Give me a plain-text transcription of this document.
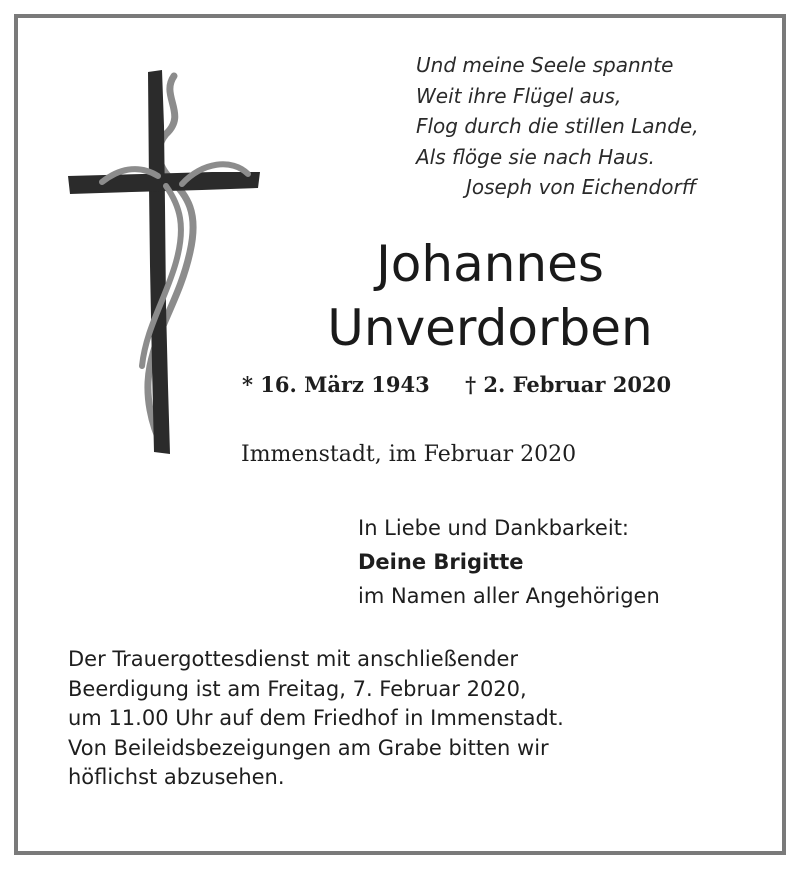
Und meine Seele spannte
Weit ihre Flügel aus,
Flog durch die stillen Lande,
Als flöge sie nach Haus.
Joseph von Eichendorff
Johannes
Unverdorben
* 16. März 1943 † 2. Februar 2020
Immenstadt, im Februar 2020
In Liebe und Dankbarkeit:
Deine Brigitte
im Namen aller Angehörigen
Der Trauergottesdienst mit anschließender
Beerdigung ist am Freitag, 7. Februar 2020,
um 11.00 Uhr auf dem Friedhof in Immenstadt.
Von Beileidsbezeigungen am Grabe bitten wir
höflichst abzusehen.
